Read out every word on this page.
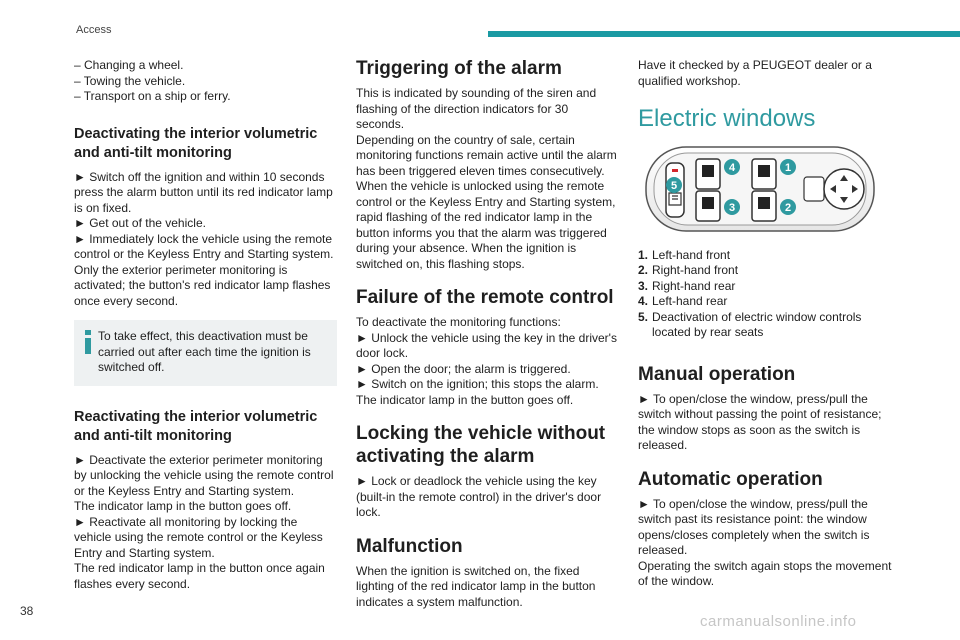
Access
– Changing a wheel.
– Towing the vehicle.
– Transport on a ship or ferry.
Deactivating the interior volumetric and anti-tilt monitoring

► Switch off the ignition and within 10 seconds press the alarm button until its red indicator lamp is on fixed.

► Get out of the vehicle.

► Immediately lock the vehicle using the remote control or the Keyless Entry and Starting system.

Only the exterior perimeter monitoring is activated; the button's red indicator lamp flashes once every second.

To take effect, this deactivation must be carried out after each time the ignition is switched off.

Reactivating the interior volumetric and anti-tilt monitoring

► Deactivate the exterior perimeter monitoring by unlocking the vehicle using the remote control or the Keyless Entry and Starting system.

The indicator lamp in the button goes off.

► Reactivate all monitoring by locking the vehicle using the remote control or the Keyless Entry and Starting system.

The red indicator lamp in the button once again flashes every second.

Triggering of the alarm

This is indicated by sounding of the siren and flashing of the direction indicators for 30 seconds.

Depending on the country of sale, certain monitoring functions remain active until the alarm has been triggered eleven times consecutively.

When the vehicle is unlocked using the remote control or the Keyless Entry and Starting system, rapid flashing of the red indicator lamp in the button informs you that the alarm was triggered during your absence. When the ignition is switched on, this flashing stops.

Failure of the remote control

To deactivate the monitoring functions:

► Unlock the vehicle using the key in the driver's door lock.

► Open the door; the alarm is triggered.

► Switch on the ignition; this stops the alarm.

The indicator lamp in the button goes off.

Locking the vehicle without activating the alarm

► Lock or deadlock the vehicle using the key (built-in the remote control) in the driver's door lock.

Malfunction

When the ignition is switched on, the fixed lighting of the red indicator lamp in the button indicates a system malfunction.

Have it checked by a PEUGEOT dealer or a qualified workshop.

Electric windows
1
2
3
4
5
1. Left-hand front
2. Right-hand front
3. Right-hand rear
4. Left-hand rear
5. Deactivation of electric window controls located by rear seats
Manual operation

► To open/close the window, press/pull the switch without passing the point of resistance; the window stops as soon as the switch is released.

Automatic operation

► To open/close the window, press/pull the switch past its resistance point: the window opens/closes completely when the switch is released.

Operating the switch again stops the movement of the window.

38
carmanualsonline.info
